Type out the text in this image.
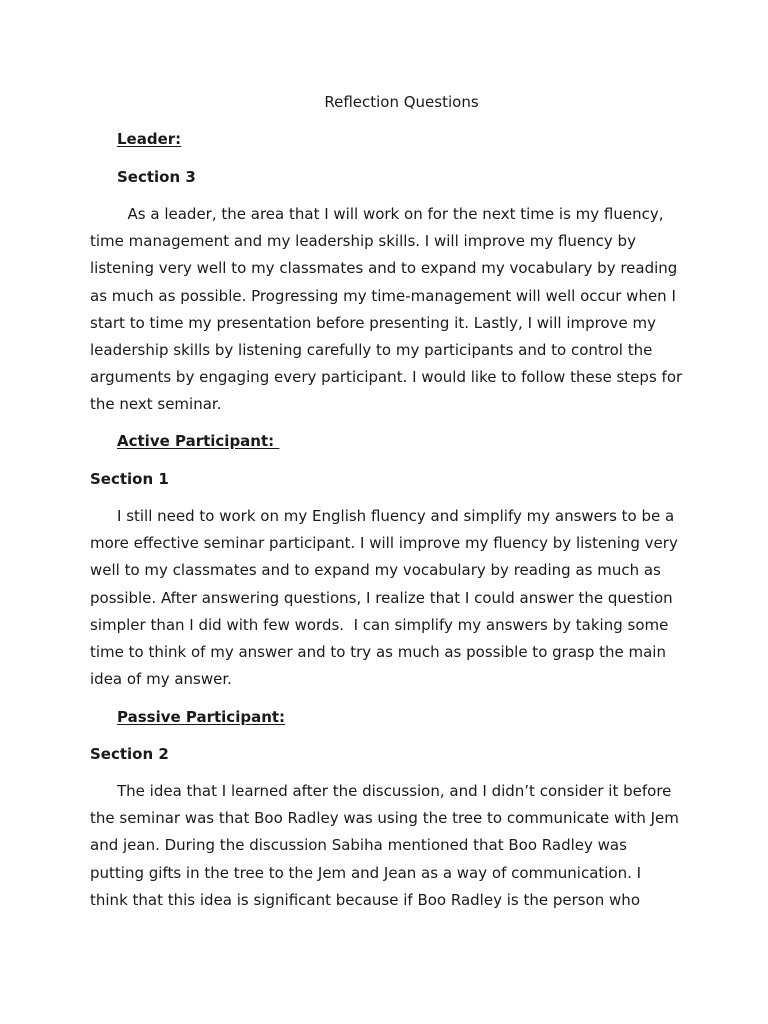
Reflection Questions
Leader:
Section 3
As a leader, the area that I will work on for the next time is my fluency,
time management and my leadership skills. I will improve my fluency by
listening very well to my classmates and to expand my vocabulary by reading
as much as possible. Progressing my time-management will well occur when I
start to time my presentation before presenting it. Lastly, I will improve my
leadership skills by listening carefully to my participants and to control the
arguments by engaging every participant. I would like to follow these steps for
the next seminar.
Active Participant:
Section 1
I still need to work on my English fluency and simplify my answers to be a
more effective seminar participant. I will improve my fluency by listening very
well to my classmates and to expand my vocabulary by reading as much as
possible. After answering questions, I realize that I could answer the question
simpler than I did with few words.  I can simplify my answers by taking some
time to think of my answer and to try as much as possible to grasp the main
idea of my answer.
Passive Participant:
Section 2
The idea that I learned after the discussion, and I didn’t consider it before
the seminar was that Boo Radley was using the tree to communicate with Jem
and jean. During the discussion Sabiha mentioned that Boo Radley was
putting gifts in the tree to the Jem and Jean as a way of communication. I
think that this idea is significant because if Boo Radley is the person who
